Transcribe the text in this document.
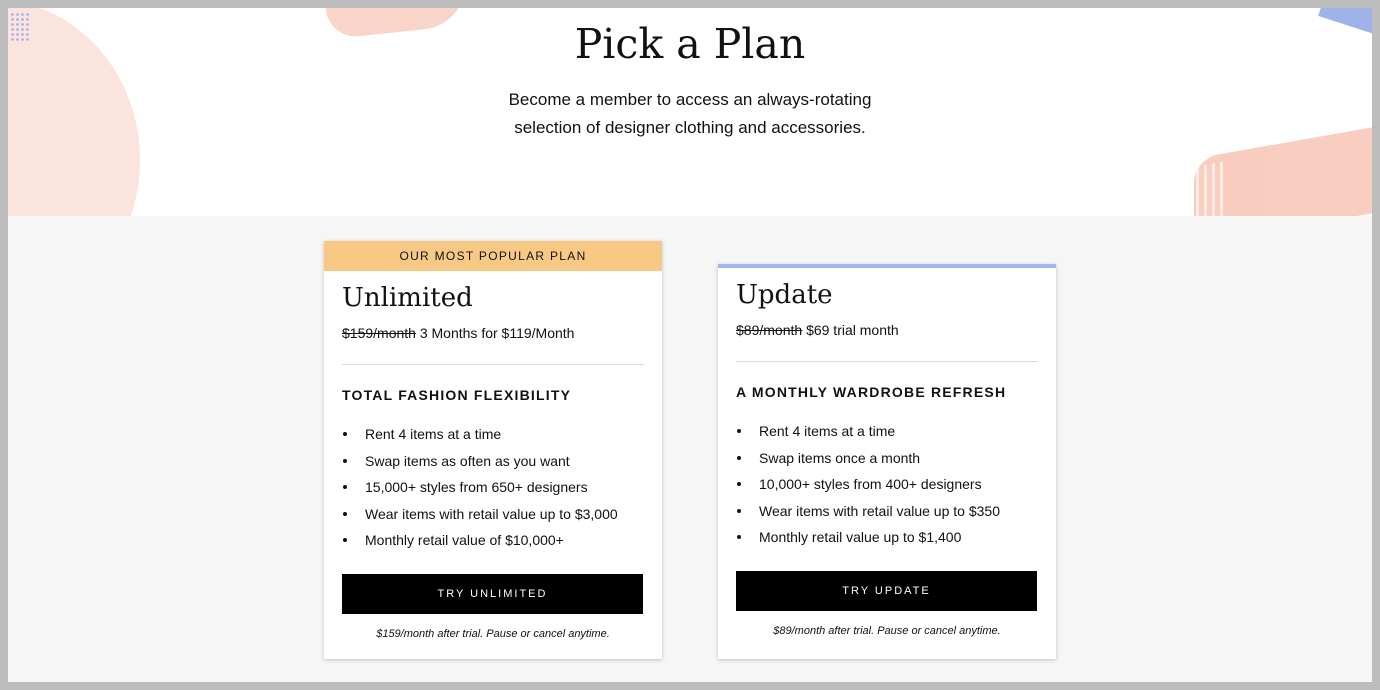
Pick a Plan
Become a member to access an always-rotating
selection of designer clothing and accessories.
OUR MOST POPULAR PLAN
Unlimited
$159/month 3 Months for $119/Month
TOTAL FASHION FLEXIBILITY
Rent 4 items at a time
Swap items as often as you want
15,000+ styles from 650+ designers
Wear items with retail value up to $3,000
Monthly retail value of $10,000+
TRY UNLIMITED
$159/month after trial. Pause or cancel anytime.
Update
$89/month $69 trial month
A MONTHLY WARDROBE REFRESH
Rent 4 items at a time
Swap items once a month
10,000+ styles from 400+ designers
Wear items with retail value up to $350
Monthly retail value up to $1,400
TRY UPDATE
$89/month after trial. Pause or cancel anytime.
